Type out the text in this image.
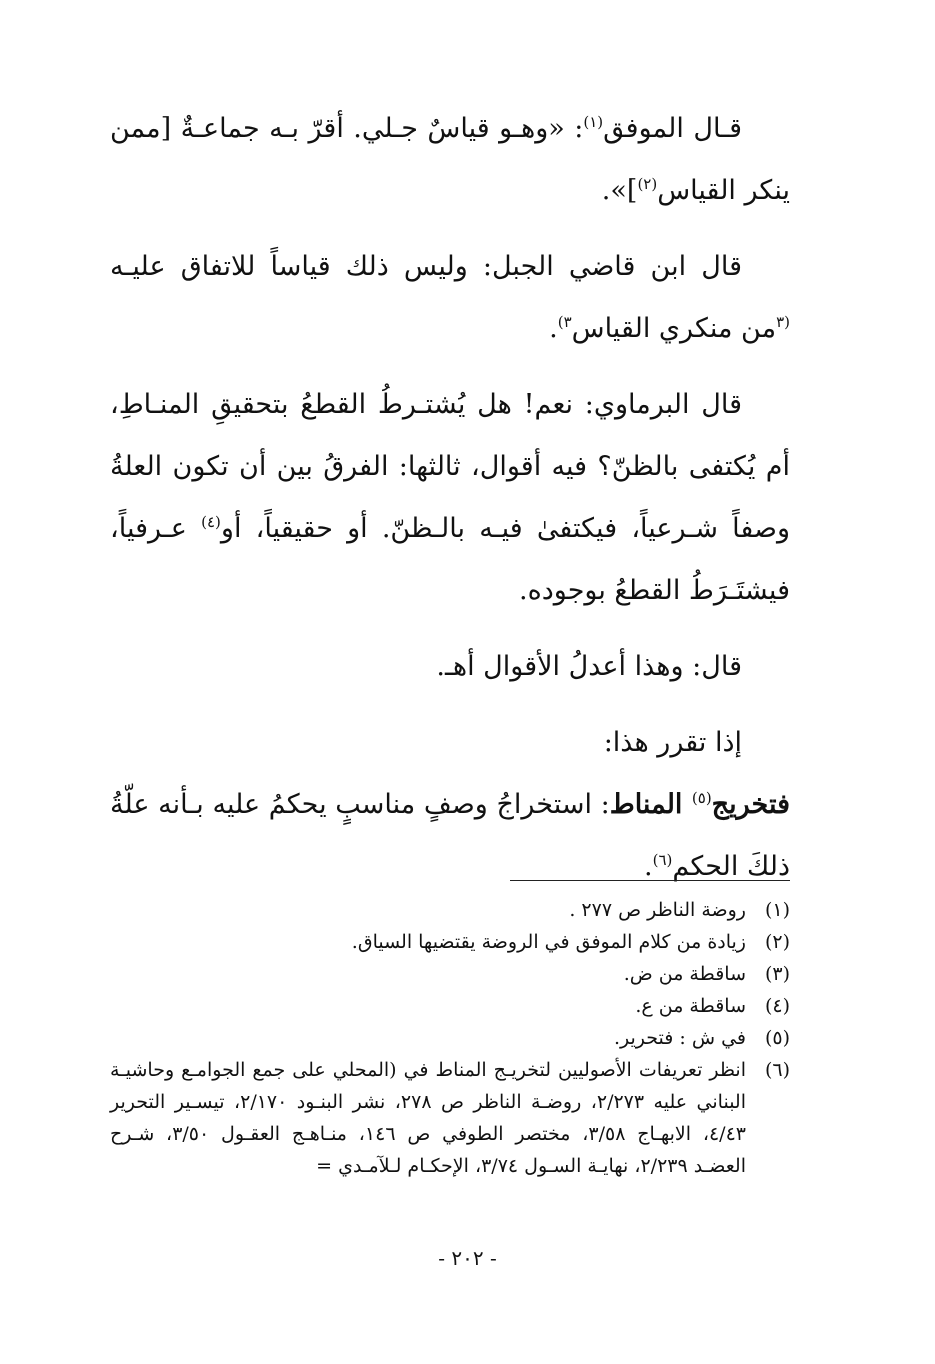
قـال الموفق$^{(١)}$: «وهـو قياسٌ جـلي. أقرّ بـه جماعـةٌ [ممن ينكر القياس$^{(٢)}$]».

قال ابن قاضي الجبل: وليس ذلك قياساً للاتفاق عليـه $^{(٣}$من منكري القياس$^{٣)}$.

قال البرماوي: نعم! هل يُشتـرطُ القطعُ بتحقيقِ المنـاطِ، أم يُكتفى بالظنّ؟ فيه أقوال، ثالثها: الفرقُ بين أن تكون العلةُ وصفاً شـرعياً، فيكتفىٰ فيـه بالـظنّ. أو حقيقياً، أو$^{(٤)}$ عـرفياً، فيشتَـرَطُ القطعُ بوجوده.

قال: وهذا أعدلُ الأقوال أهـ.

إذا تقرر هذا:

فتخريج$^{(٥)}$ المناط: استخراجُ وصفٍ مناسبٍ يحكمُ عليه بـأنه علّةُ ذلكَ الحكم$^{(٦)}$.

(١)
روضة الناظر ص ٢٧٧ .
(٢)
زيادة من كلام الموفق في الروضة يقتضيها السياق.
(٣)
ساقطة من ض.
(٤)
ساقطة من ع.
(٥)
في ش : فتحرير.
(٦)
انظر تعريفات الأصوليين لتخريـج المناط في (المحلي على جمع الجوامـع وحاشيـة البناني عليه ٢/٢٧٣، روضـة الناظر ص ٢٧٨، نشر البنـود ٢/١٧٠، تيسـير التحرير ٤/٤٣، الابهـاج ٣/٥٨، مختصر الطوفي ص ١٤٦، منـاهـج العقـول ٣/٥٠، شـرح العضـد ٢/٢٣٩، نهايـة السـول ٣/٧٤، الإحكـام لـلآمـدي =
- ٢٠٢ -
